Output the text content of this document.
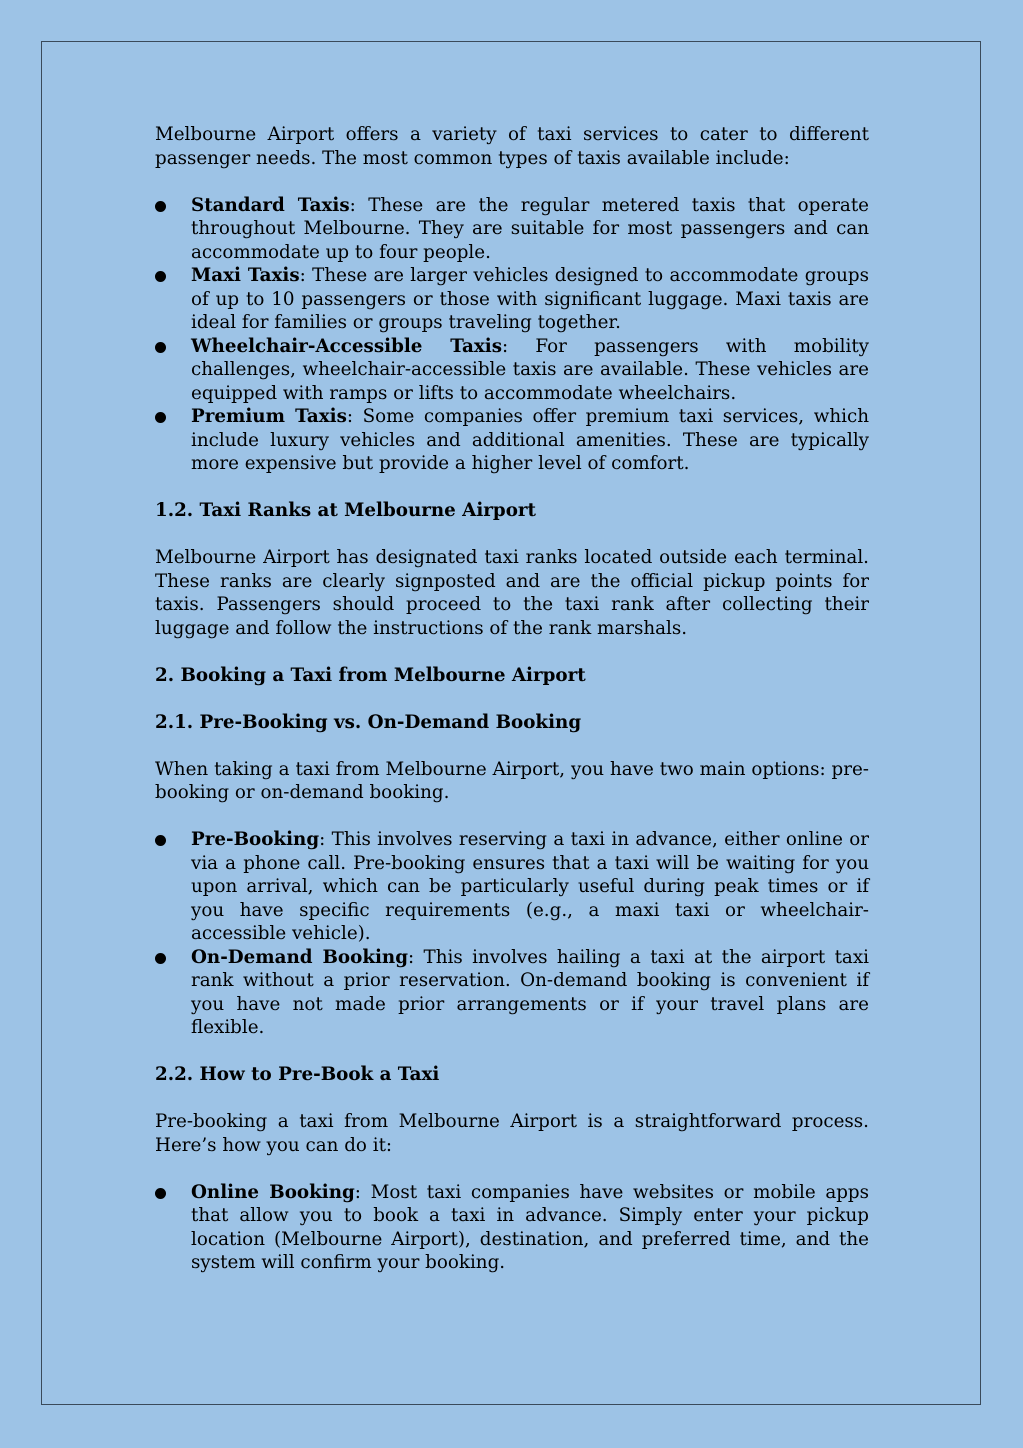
Melbourne Airport offers a variety of taxi services to cater to different passenger needs. The most common types of taxis available include:

Standard Taxis: These are the regular metered taxis that operate throughout Melbourne. They are suitable for most passengers and can accommodate up to four people.
Maxi Taxis: These are larger vehicles designed to accommodate groups of up to 10 passengers or those with significant luggage. Maxi taxis are ideal for families or groups traveling together.
Wheelchair-Accessible Taxis: For passengers with mobility challenges, wheelchair-accessible taxis are available. These vehicles are equipped with ramps or lifts to accommodate wheelchairs.
Premium Taxis: Some companies offer premium taxi services, which include luxury vehicles and additional amenities. These are typically more expensive but provide a higher level of comfort.
1.2. Taxi Ranks at Melbourne Airport

Melbourne Airport has designated taxi ranks located outside each terminal. These ranks are clearly signposted and are the official pickup points for taxis. Passengers should proceed to the taxi rank after collecting their luggage and follow the instructions of the rank marshals.

2. Booking a Taxi from Melbourne Airport
2.1. Pre-Booking vs. On-Demand Booking

When taking a taxi from Melbourne Airport, you have two main options: pre-booking or on-demand booking.

Pre-Booking: This involves reserving a taxi in advance, either online or via a phone call. Pre-booking ensures that a taxi will be waiting for you upon arrival, which can be particularly useful during peak times or if you have specific requirements (e.g., a maxi taxi or wheelchair-accessible vehicle).
On-Demand Booking: This involves hailing a taxi at the airport taxi rank without a prior reservation. On-demand booking is convenient if you have not made prior arrangements or if your travel plans are flexible.
2.2. How to Pre-Book a Taxi

Pre-booking a taxi from Melbourne Airport is a straightforward process. Here’s how you can do it:

Online Booking: Most taxi companies have websites or mobile apps that allow you to book a taxi in advance. Simply enter your pickup location (Melbourne Airport), destination, and preferred time, and the system will confirm your booking.
